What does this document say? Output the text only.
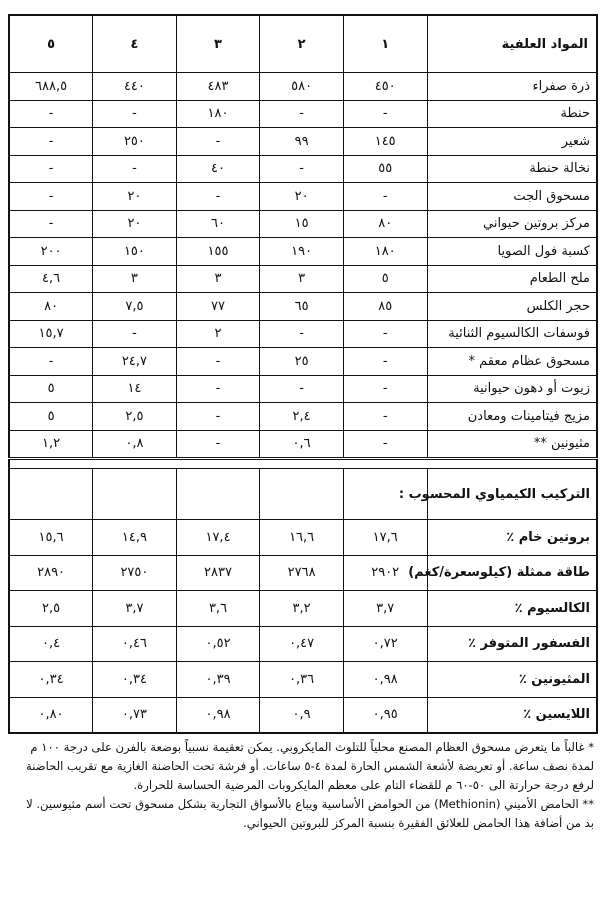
المواد العلفية	١	٢	٣	٤	٥
ذرة صفراء	٤٥٠	٥٨٠	٤٨٣	٤٤٠	٦٨٨,٥
حنطة	-	-	١٨٠	-	-
شعير	١٤٥	٩٩	-	٢٥٠	-
نخالة حنطة	٥٥	-	٤٠	-	-
مسحوق الجت	-	٢٠	-	٢٠	-
مركز بروتين حيواني	٨٠	١٥	٦٠	٢٠	-
كسبة فول الصويا	١٨٠	١٩٠	١٥٥	١٥٠	٢٠٠
ملح الطعام	٥	٣	٣	٣	٤,٦
حجر الكلس	٨٥	٦٥	٧٧	٧,٥	٨٠
فوسفات الكالسيوم الثنائية	-	-	٢	-	١٥,٧
مسحوق عظام معقم *	-	٢٥	-	٢٤,٧	-
زيوت أو دهون حيوانية	-	-	-	١٤	٥
مزيج فيتامينات ومعادن	-	٢,٤	-	٢,٥	٥
مثيونين **	-	٠,٦	-	٠,٨	١,٢

التركيب الكيمياوي المحسوب :					
بروتين خام ٪	١٧,٦	١٦,٦	١٧,٤	١٤,٩	١٥,٦
طاقة ممثلة (كيلوسعرة/كغم)	٢٩٠٢	٢٧٦٨	٢٨٣٧	٢٧٥٠	٢٨٩٠
الكالسيوم ٪	٣,٧	٣,٢	٣,٦	٣,٧	٢,٥
الفسفور المتوفر ٪	٠,٧٢	٠,٤٧	٠,٥٢	٠,٤٦	٠,٤
المثيونين ٪	٠,٩٨	٠,٣٦	٠,٣٩	٠,٣٤	٠,٣٤
اللايسين ٪	٠,٩٥	٠,٩	٠,٩٨	٠,٧٣	٠,٨٠

* غالباً ما يتعرض مسحوق العظام المصنع محلياً للتلوث المايكروبي. يمكن تعقيمة نسبياً بوضعة بالفرن على درجة ١٠٠ م لمدة نصف ساعة. أو تعريضة لأشعة الشمس الحارة لمدة ٤-٥ ساعات. أو فرشة تحت الحاضنة الغازية مع تقريب الحاضنة لرفع درجة حرارتة الى ٥٠-٦٠ م للقضاء التام على معظم المايكروبات المرضية الحساسة للحرارة.

** الحامض الأميني (Methionin) من الحوامض الأساسية ويباع بالأسواق التجارية بشكل مسحوق تحت أسم مثيوسين. لا بد من أضافة هذا الحامض للعلائق الفقيرة بنسبة المركز للبروتين الحيواني.
